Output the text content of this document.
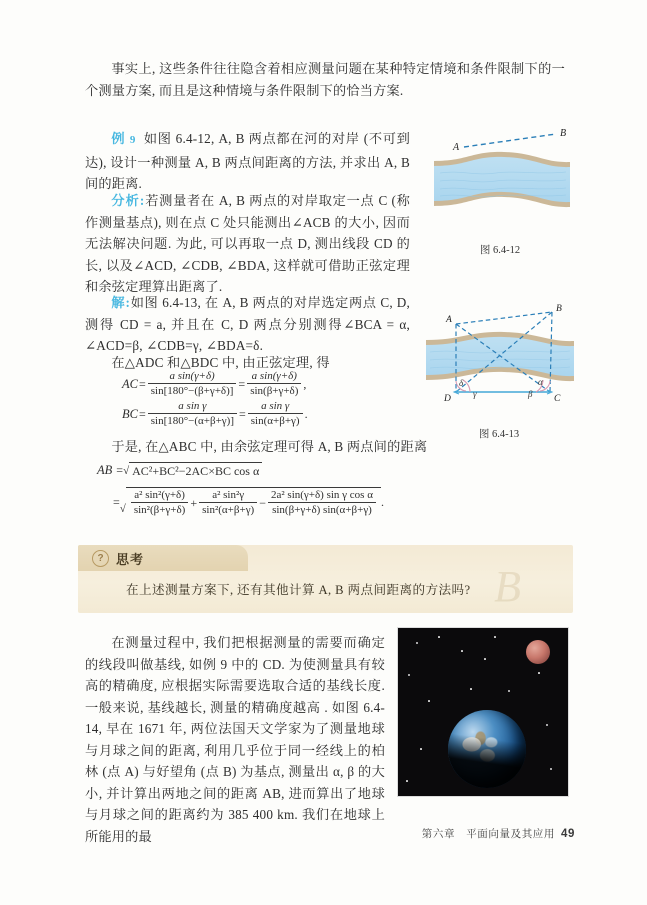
事实上, 这些条件往往隐含着相应测量问题在某种特定情境和条件限制下的一个测量方案, 而且是这种情境与条件限制下的恰当方案.
例 9 如图 6.4-12, A, B 两点都在河的对岸 (不可到达), 设计一种测量 A, B 两点间距离的方法, 并求出 A, B 间的距离.
分析:若测量者在 A, B 两点的对岸取定一点 C (称作测量基点), 则在点 C 处只能测出∠ACB 的大小, 因而无法解决问题. 为此, 可以再取一点 D, 测出线段 CD 的长, 以及∠ACD, ∠CDB, ∠BDA, 这样就可借助正弦定理和余弦定理算出距离了.
解:如图 6.4-13, 在 A, B 两点的对岸选定两点 C, D, 测得 CD = a, 并且在 C, D 两点分别测得∠BCA = α, ∠ACD=β, ∠CDB=γ, ∠BDA=δ.
在△ADC 和△BDC 中, 由正弦定理, 得
AC = $\frac{\text{a sin(γ+δ)}}{\sin[180^\circ-(\beta+\gamma+\delta)]} = \frac{\text{a sin(γ+δ)}}{\sin(\beta+\gamma+\delta)}$ ,
BC = $\frac{\text{a sin γ}}{\sin[180^\circ-(\alpha+\beta+\gamma)]} = \frac{\text{a sin γ}}{\sin(\alpha+\beta+\gamma)}$ .
于是, 在△ABC 中, 由余弦定理可得 A, B 两点间的距离
AB = √ AC²+BC²−2AC×BC cos α
=
√ $\frac{\text{a² sin²(γ+δ)}}{\text{sin²(β+γ+δ)}} + \frac{\text{a² sin²γ}}{\text{sin²(α+β+γ)}} - \frac{\text{2a² sin(γ+δ) sin γ cos α}}{\sin(\beta+\gamma+\delta) \sin(\alpha+\beta+\gamma)}$ .
A
B
图 6.4-12
A
B
C
D
δ
γ	β
α
图 6.4-13
B
? 思考
在上述测量方案下, 还有其他计算 A, B 两点间距离的方法吗?
在测量过程中, 我们把根据测量的需要而确定的线段叫做基线, 如例 9 中的 CD. 为使测量具有较高的精确度, 应根据实际需要选取合适的基线长度. 一般来说, 基线越长, 测量的精确度越高 . 如图 6.4-14, 早在 1671 年, 两位法国天文学家为了测量地球与月球之间的距离, 利用几乎位于同一经线上的柏林 (点 A) 与好望角 (点 B) 为基点, 测量出 α, β 的大小, 并计算出两地之间的距离 AB, 进而算出了地球与月球之间的距离约为 385 400 km. 我们在地球上所能用的最	第六章　平面向量及其应用 49
